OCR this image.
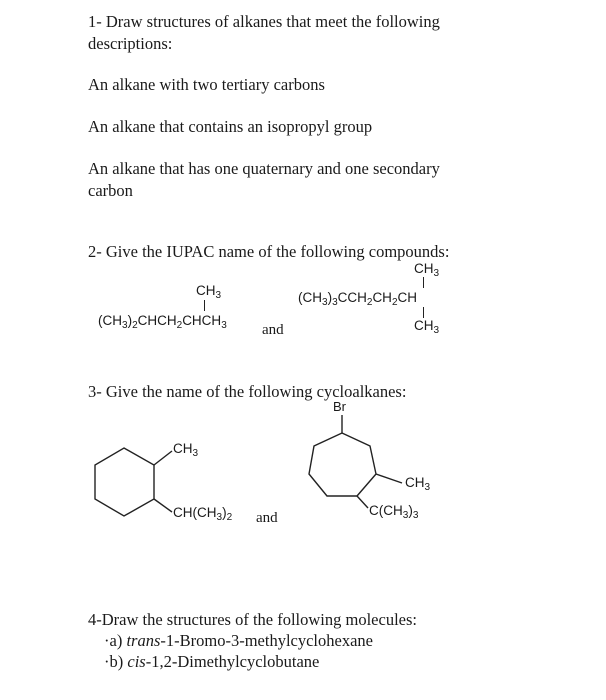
1- Draw structures of alkanes that meet the following
descriptions:
An alkane with two tertiary carbons
An alkane that contains an isopropyl group
An alkane that has one quaternary and one secondary
carbon
2- Give the IUPAC name of the following compounds:
$CH_3$
$(CH_3)_2CHCH_2CHCH_3$ and
$CH_3$
$(CH_3)_3CCH_2CH_2CH$
$CH_3$
3- Give the name of the following cycloalkanes:
$CH_3$
$CH(CH_3)_2$ and
Br
$CH_3$
$C(CH_3)_3$
4-Draw the structures of the following molecules:
·a) trans-1-Bromo-3-methylcyclohexane
·b) cis-1,2-Dimethylcyclobutane
